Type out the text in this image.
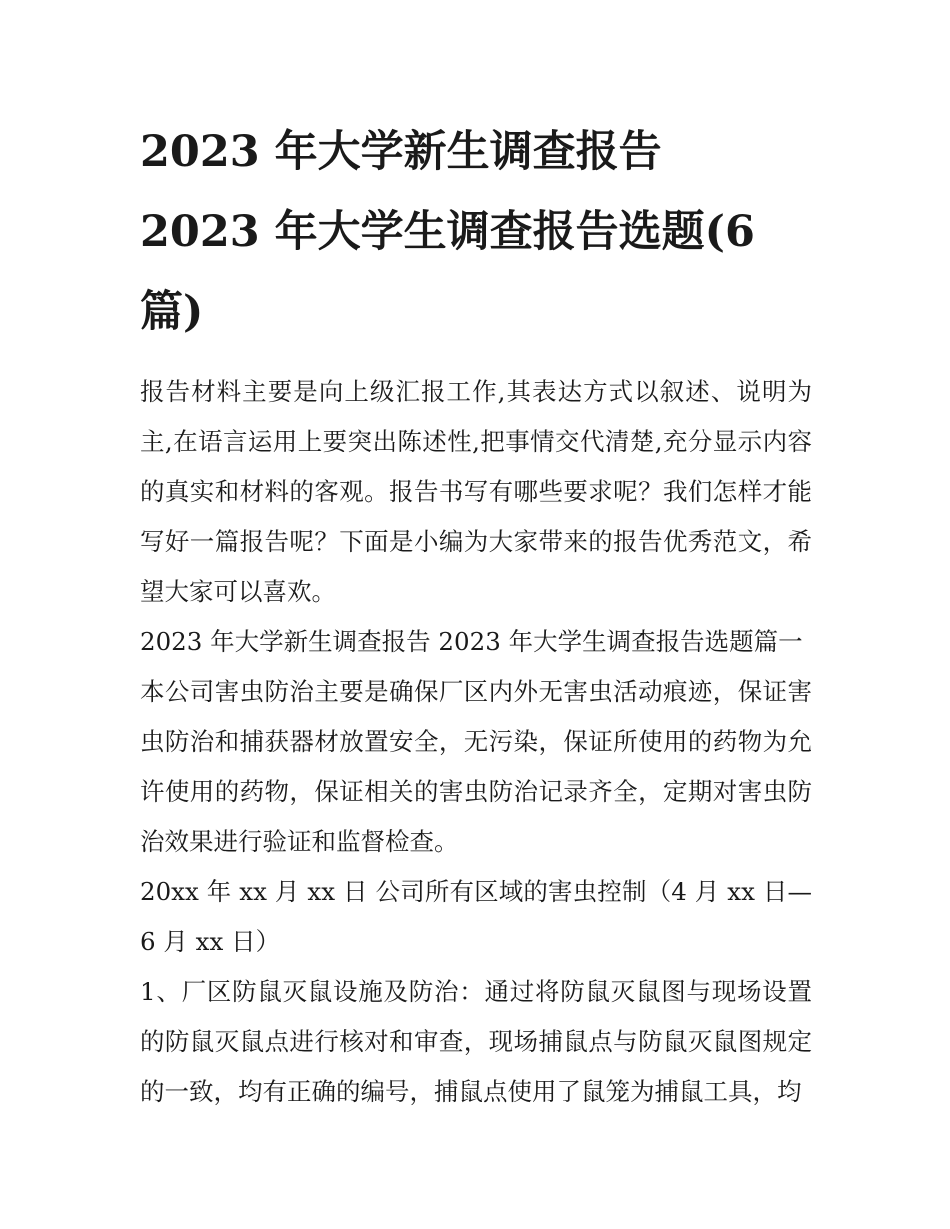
2023 年大学新生调查报告
2023 年大学生调查报告选题(6 篇)

报告材料主要是向上级汇报工作,其表达方式以叙述、说明为主,在语言运用上要突出陈述性,把事情交代清楚,充分显示内容的真实和材料的客观。报告书写有哪些要求呢？我们怎样才能写好一篇报告呢？下面是小编为大家带来的报告优秀范文，希望大家可以喜欢。

2023 年大学新生调查报告 2023 年大学生调查报告选题篇一

本公司害虫防治主要是确保厂区内外无害虫活动痕迹，保证害虫防治和捕获器材放置安全，无污染，保证所使用的药物为允许使用的药物，保证相关的害虫防治记录齐全，定期对害虫防治效果进行验证和监督检查。

20xx 年 xx 月 xx 日 公司所有区域的害虫控制（4 月 xx 日—6 月 xx 日）

1、厂区防鼠灭鼠设施及防治：通过将防鼠灭鼠图与现场设置的防鼠灭鼠点进行核对和审查，现场捕鼠点与防鼠灭鼠图规定的一致，均有正确的编号，捕鼠点使用了鼠笼为捕鼠工具，均
